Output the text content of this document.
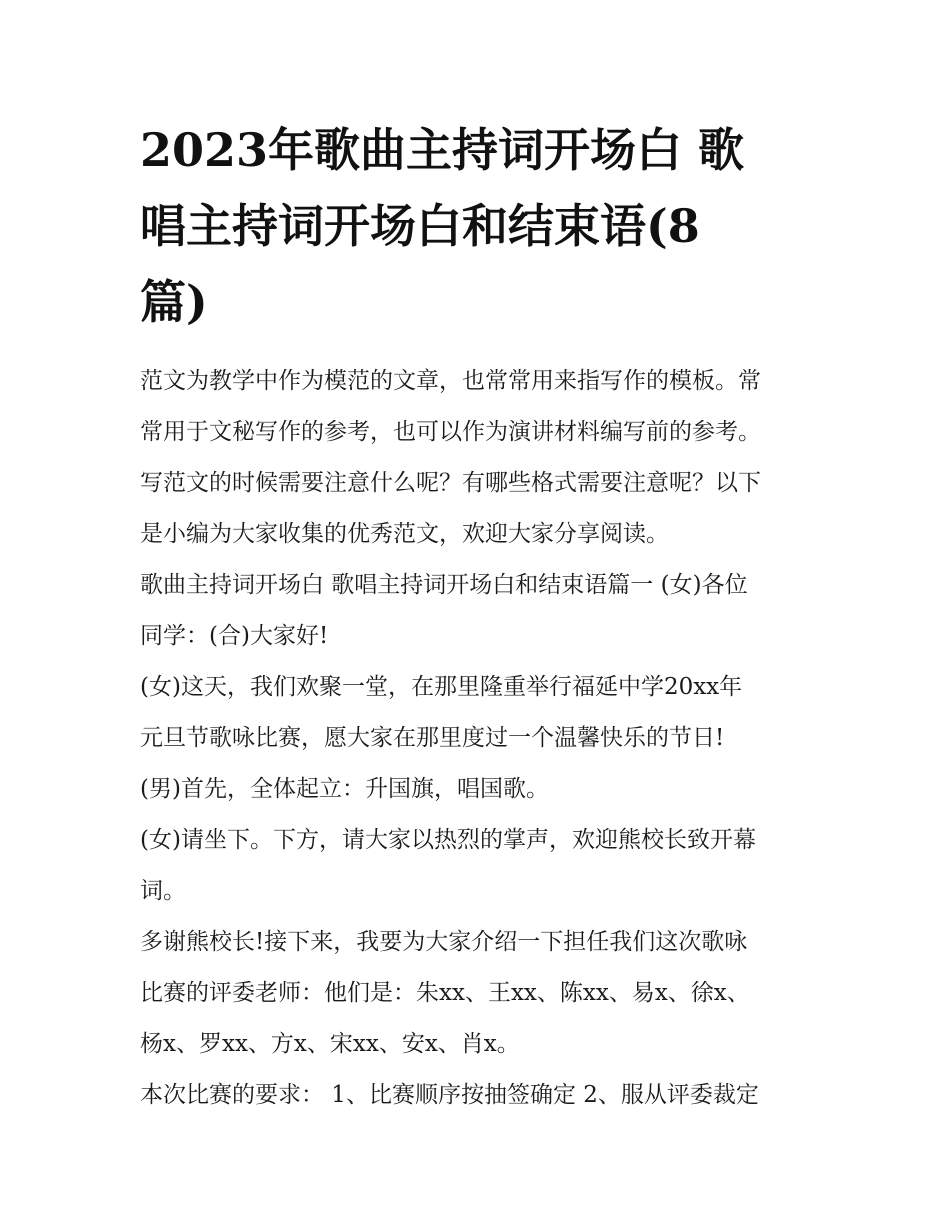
2023年歌曲主持词开场白 歌
唱主持词开场白和结束语(8
篇)
范文为教学中作为模范的文章，也常常用来指写作的模板。常
常用于文秘写作的参考，也可以作为演讲材料编写前的参考。
写范文的时候需要注意什么呢？有哪些格式需要注意呢？以下
是小编为大家收集的优秀范文，欢迎大家分享阅读。
歌曲主持词开场白 歌唱主持词开场白和结束语篇一 (女)各位
同学：(合)大家好!
(女)这天，我们欢聚一堂，在那里隆重举行福延中学20xx年
元旦节歌咏比赛，愿大家在那里度过一个温馨快乐的节日!
(男)首先，全体起立：升国旗，唱国歌。
(女)请坐下。下方，请大家以热烈的掌声，欢迎熊校长致开幕
词。
多谢熊校长!接下来，我要为大家介绍一下担任我们这次歌咏
比赛的评委老师：他们是：朱xx、王xx、陈xx、易x、徐x、
杨x、罗xx、方x、宋xx、安x、肖x。
本次比赛的要求： 1、比赛顺序按抽签确定 2、服从评委裁定
